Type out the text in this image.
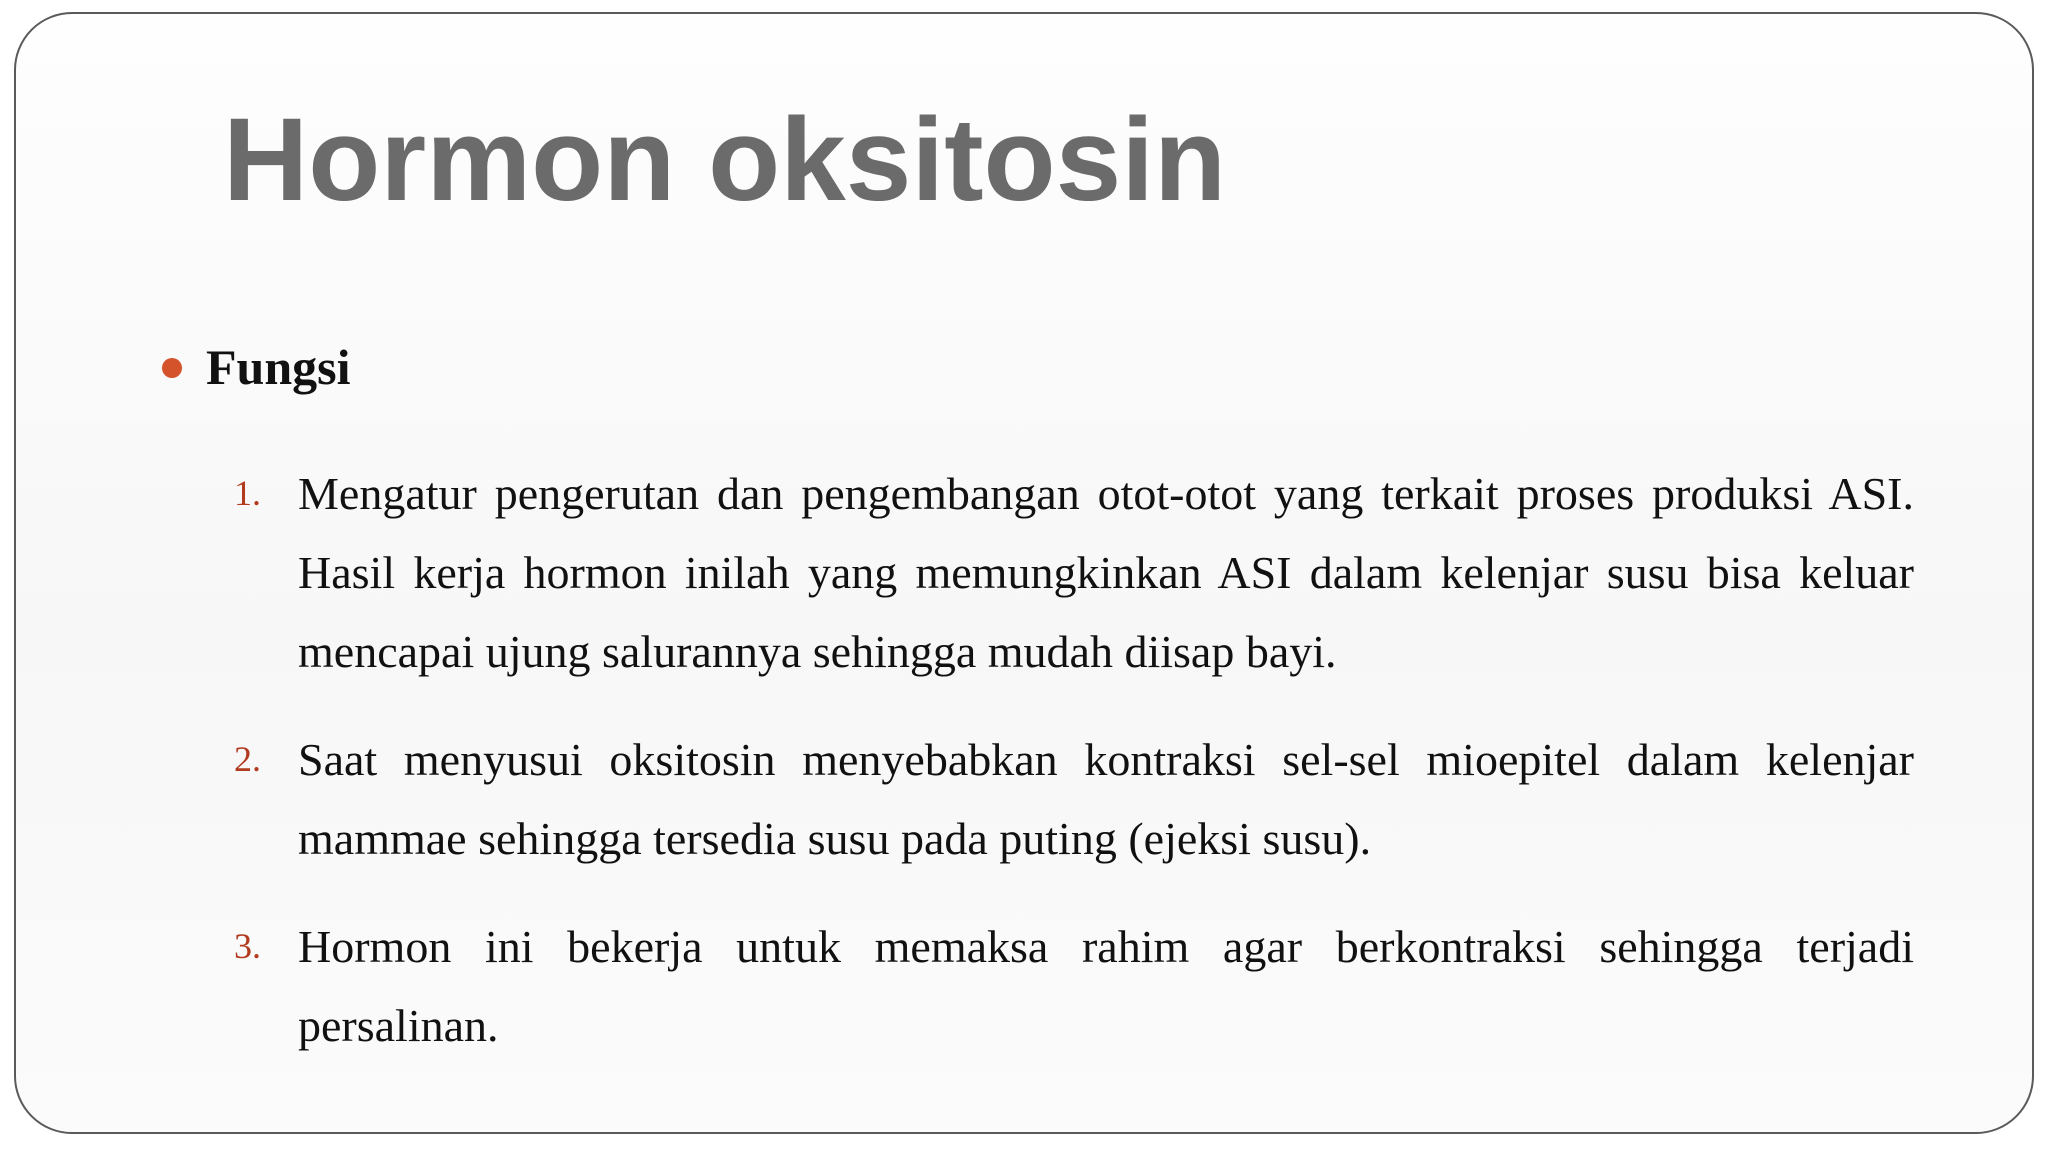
Hormon oksitosin
Fungsi
1. Mengatur pengerutan dan pengembangan otot-otot yang terkait proses produksi ASI. Hasil kerja hormon inilah yang memungkinkan ASI dalam kelenjar susu bisa keluar mencapai ujung salurannya sehingga mudah diisap bayi.
2. Saat menyusui oksitosin menyebabkan kontraksi sel-sel mioepitel dalam kelenjar mammae sehingga tersedia susu pada puting (ejeksi susu).
3. Hormon ini bekerja untuk memaksa rahim agar berkontraksi sehingga terjadi persalinan.
